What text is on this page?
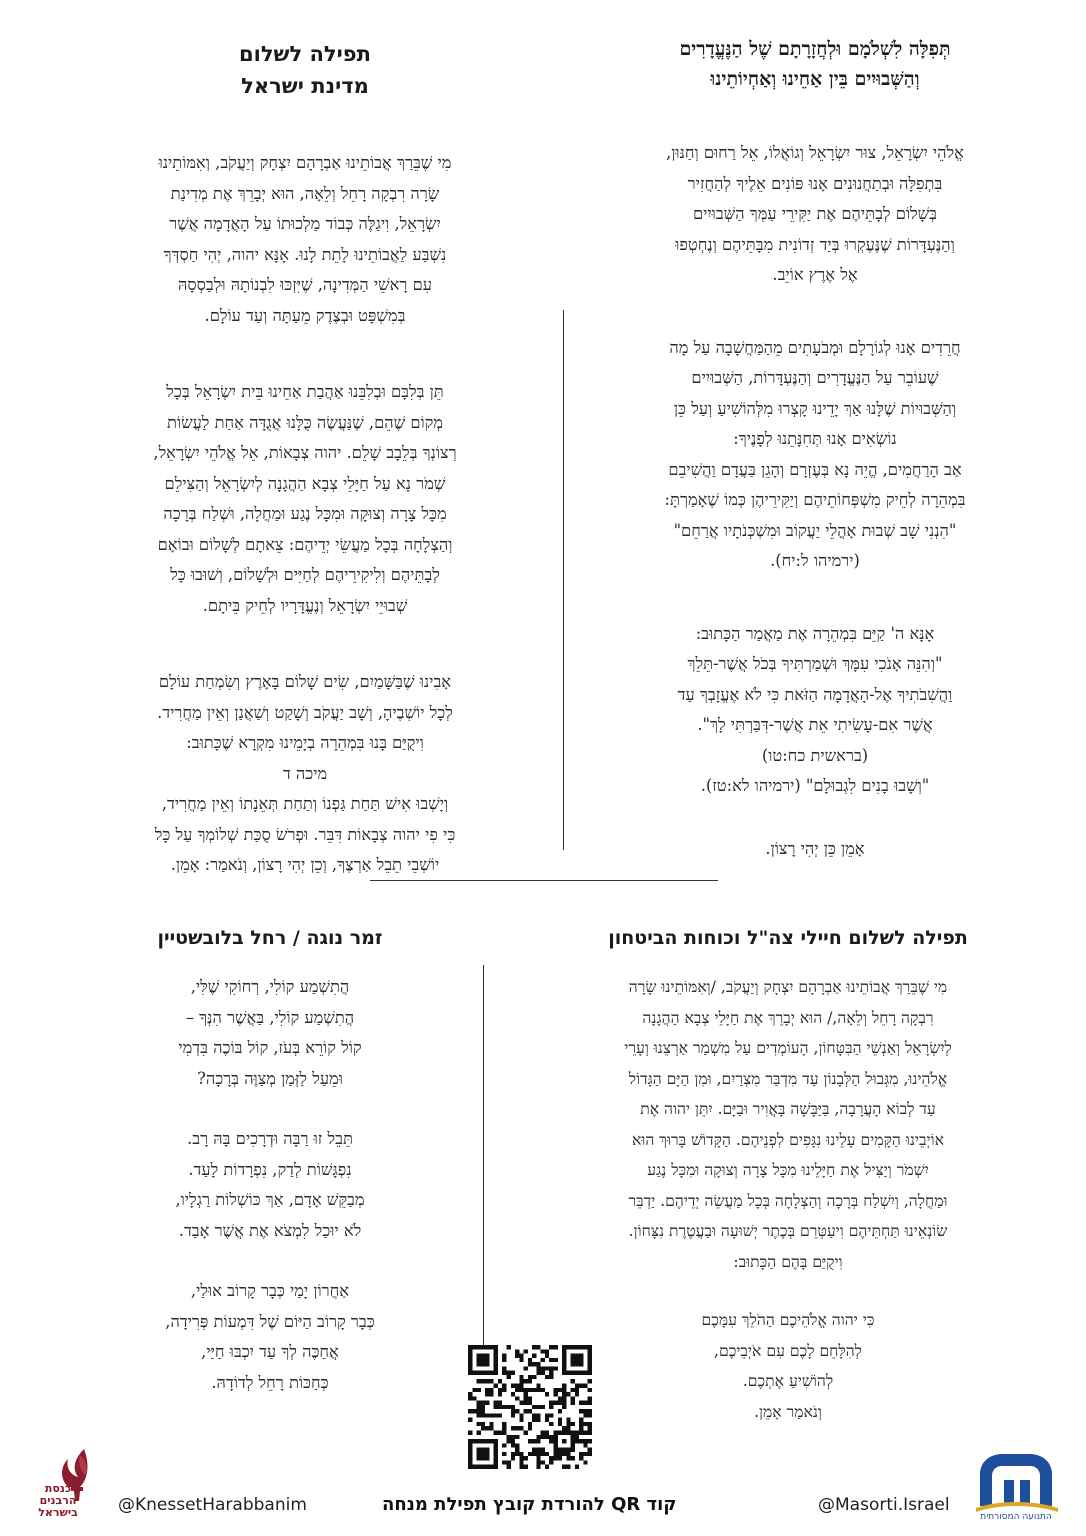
תְּפִלָּה לִשְׁלֹמָם וּלְחֲזָרָתָם שֶׁל הַנֶּעֱדָרִים
וְהַשְּׁבוּיִים בֵּין אַחֵינוּ וְאַחְיוֹתֵינוּ
אֱלֹהֵי יִשְׂרָאֵל, צוּר יִשְׂרָאֵל וְגוֹאֲלוֹ, אֵל רַחוּם וְחַנּוּן,
בִּתְפִלָּה וּבְתַחֲנוּנִים אָנוּ פּוֹנִים אֵלֶיךָ לְהַחֲזִיר
בְּשָׁלוֹם לְבָתֵּיהֶם אֶת יַקִּירֵי עַמְּךָ הַשְּׁבוּיִים
וְהַנֶּעְדָּרוֹת שֶׁנֶּעֶקְרוּ בְּיַד זְדוֹנִית מִבָּתֵּיהֶם וְנֶחְטְפוּ
אֶל אֶרֶץ אוֹיֵב.
חֲרֵדִים אָנוּ לְגוֹרָלָם וּמְבֹעָתִים מֵהַמַּחֲשָׁבָה עַל מָה
שֶׁעוֹבֵר עַל הַנֶּעֱדָרִים וְהַנֶּעְדָּרוֹת, הַשְּׁבוּיִים
וְהַשְּׁבוּיוֹת שֶׁלָּנוּ אַךְ יָדֵינוּ קָצְרוּ מִלְּהוֹשִׁיעַ וְעַל כֵּן
נוֹשְׂאִים אָנוּ תְּחִנָּתֵנוּ לְפָנֶיךָ:
אַב הָרַחֲמִים, הֱיֵה נָא בְּעֶזְרָם וְהָגֵן בַּעֲדָם וַהֲשִׁיבֵם
בִּמְהֵרָה לְחֵיק מִשְׁפְּחוֹתֵיהֶם וְיַקִּירֵיהֶן כְּמוֹ שֶׁאָמַרְתָּ:
"הִנְנִי שָׁב שְׁבוּת אָהֳלֵי יַעֲקוֹב וּמִשְׁכְּנֹתָיו אֲרַחֵם"
(ירמיהו ל:יח).
אָנָּא ה' קַיֵּם בִּמְהֵרָה אֶת מַאֲמַר הַכָּתוּב:
"וְהִנֵּה אָנֹכִי עִמָּךְ וּשְׁמַרְתִּיךָ בְּכֹל אֲשֶׁר-תֵּלֵךְ
וַהֲשִׁבֹתִיךָ אֶל-הָאֲדָמָה הַזֹּאת כִּי לֹא אֶעֱזָבְךָ עַד
אֲשֶׁר אִם-עָשִׂיתִי אֵת אֲשֶׁר-דִּבַּרְתִּי לָךְ".
(בראשית כח:טו)
"וְשָׁבוּ בָנִים לִגְבוּלָם" (ירמיהו לא:טז).
אָמֵן כֵּן יְהִי רָצוֹן.
תפילה לשלום
מדינת ישראל
מִי שֶׁבֵּרַךְ אֲבוֹתֵינוּ אַבְרָהָם יִצְחָק וְיַעֲקֹב, וְאִמּוֹתֵינוּ
שָׂרָה רִבְקָה רָחֵל וְלֵאָה, הוּא יְבָרֵךְ אֶת מְדִינַת
יִשְׂרָאֵל, וִיגַלֶּה כְּבוֹד מַלְכוּתוֹ עַל הָאֲדָמָה אֲשֶׁר
נִשְׁבַּע לַאֲבוֹתֵינוּ לָתֵת לָנוּ. אָנָּא יהוה, יְהִי חַסְדְּךָ
עִם רָאשֵׁי הַמְּדִינָה, שֶׁיִּזְכּוּ לִבְנוֹתָהּ וּלְבַסְסָהּ
בְּמִשְׁפָּט וּבְצֶדֶק מֵעַתָּה וְעַד עוֹלָם.
תֵּן בְּלִבָּם וּבְלִבֵּנוּ אַהֲבַת אַחֵינוּ בֵּית יִשְׂרָאֵל בְּכָל
מְקוֹם שֶׁהֵם, שֶׁנַּעֲשֶׂה כֻּלָּנוּ אֲגֻדָּה אַחַת לַעֲשׂוֹת
רְצוֹנְךָ בְּלֵבָב שָׁלֵם. יהוה צְבָאוֹת, אֵל אֱלֹהֵי יִשְׂרָאֵל,
שְׁמֹר נָא עַל חַיָּלֵי צְבָא הַהֲגָנָה לְיִשְׂרָאֵל וְהַצִּילֵם
מִכָּל צָרָה וְצוּקָה וּמִכָּל נֶגַע וּמַחֲלָה, וּשְׁלַח בְּרָכָה
וְהַצְלָחָה בְּכָל מַעֲשֵׂי יְדֵיהֶם: צֵאתָם לְשָׁלוֹם וּבוֹאָם
לְבָתֵּיהֶם וְלִיקִירֵיהֶם לְחַיִּים וּלְשָׁלוֹם, וְשׁוּבוּ כָּל
שְׁבוּיֵי יִשְׂרָאֵל וְנֶעֱדָּרָיו לְחֵיק בֵּיתָם.
אָבִינוּ שֶׁבַּשָּׁמַיִם, שִׂים שָׁלוֹם בָּאָרֶץ וְשִׂמְחַת עוֹלָם
לְכָל יוֹשְׁבֶיהָ, וְשָׁב יַעֲקֹב וְשָׁקַט וְשַׁאֲנַן וְאֵין מַחֲרִיד.
וִיקֻיַּם בָּנוּ בִּמְהֵרָה בְיָמֵינוּ מִקְרָא שֶׁכָּתוּב:
מיכה ד
וְיָשְׁבוּ אִישׁ תַּחַת גַּפְנוֹ וְתַחַת תְּאֵנָתוֹ וְאֵין מַחֲרִיד,
כִּי פִי יהוה צְבָאוֹת דִּבֵּר. וּפְרֹשׂ סֻכַּת שְׁלוֹמְךָ עַל כָּל
יוֹשְׁבֵי תֵבֵל אַרְצֶךָ, וְכֵן יְהִי רָצוֹן, וְנֹאמַר: אָמֵן.
תפילה לשלום חיילי צה"ל וכוחות הביטחון
מִי שֶׁבֵּרַךְ אֲבוֹתֵינוּ אַבְרָהָם יִצְחָק וְיַעֲקֹב, /וְאִמּוֹתֵינוּ שָׂרָה
רִבְקָה רָחֵל וְלֵאָה,/ הוּא יְבָרֵךְ אֶת חַיָּלֵי צְבָא הַהֲגָנָה
לְיִשְׂרָאֵל וְאַנְשֵׁי הַבִּטָּחוֹן, הָעוֹמְדִים עַל מִשְׁמַר אַרְצֵנוּ וְעָרֵי
אֱלֹהֵינוּ, מִגְּבוּל הַלְּבָנוֹן עַד מִדְבַּר מִצְרַיִם, וּמִן הַיָּם הַגָּדוֹל
עַד לְבוֹא הָעֲרָבָה, בַּיַּבָּשָׁה בָּאֲוִיר וּבַיָּם. יִתֵּן יהוה אֶת
אוֹיְבֵינוּ הַקָּמִים עָלֵינוּ נִגָּפִים לִפְנֵיהֶם. הַקָּדוֹשׁ בָּרוּךְ הוּא
יִשְׁמֹר וְיַצִּיל אֶת חַיָּלֵינוּ מִכָּל צָרָה וְצוּקָה וּמִכָּל נֶגַע
וּמַחֲלָה, וְיִשְׁלַח בְּרָכָה וְהַצְלָחָה בְּכָל מַעֲשֵׂה יְדֵיהֶם. יַדְבֵּר
שׂוֹנְאֵינוּ תַּחְתֵּיהֶם וִיעַטְּרֵם בְּכֶתֶר יְשׁוּעָה וּבַעֲטֶרֶת נִצָּחוֹן.
וִיקֻיַּם בָּהֶם הַכָּתוּב:
כִּי יהוה אֱלֹהֵיכֶם הַהֹלֵךְ עִמָּכֶם
לְהִלָּחֵם לָכֶם עִם אֹיְבֵיכֶם,
לְהוֹשִׁיעַ אֶתְכֶם.
וְנֹאמַר אָמֵן.
זמר נוגה / רחל בלובשטיין
הֲתִשְׁמַע קוֹלִי, רְחוֹקִי שֶׁלִּי,
הֲתִשְׁמַע קוֹלִי, בַּאֲשֶׁר הִנְּךָ –
קוֹל קוֹרֵא בְּעֹז, קוֹל בּוֹכֶה בִּדְמִי
וּמֵעַל לַזְּמַן מְצַוֶּה בְּרָכָה?
תֵּבֵל זוּ רַבָּה וּדְרָכִים בָּהּ רָב.
נִפְגָּשׁוֹת לְדַק, נִפְרָדוֹת לָעַד.
מְבַקֵּשׁ אָדָם, אַךְ כּוֹשְׁלוֹת רַגְלָיו,
לֹא יוּכַל לִמְצֹא אֶת אֲשֶׁר אָבַד.
אַחֲרוֹן יָמַי כְּבָר קָרוֹב אוּלַי,
כְּבָר קָרוֹב הַיּוֹם שֶׁל דִּמְעוֹת פְּרִידָה,
אֲחַכֶּה לְךָ עַד יִכְבּוּ חַיַּי,
כְּחַכּוֹת רָחֵל לְדוֹדָהּ.
כנסת
הרבנים
בישראל	@KnessetHarabbanim	קוד QR להורדת קובץ תפילת מנחה	@Masorti.Israel
התנועה המסורתית
